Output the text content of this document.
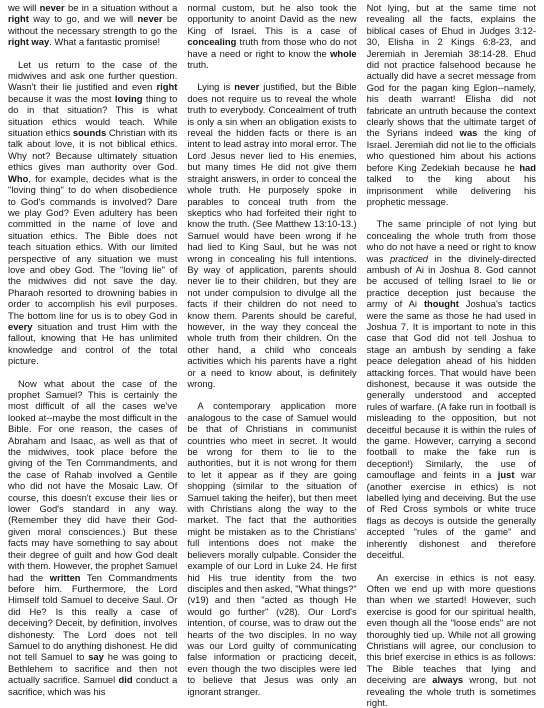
we will never be in a situation without a right way to go, and we will never be without the necessary strength to go the right way. What a fantastic promise!

Let us return to the case of the midwives and ask one further question. Wasn't their lie justified and even right because it was the most loving thing to do in that situation? This is what situation ethics would teach. While situation ethics sounds Christian with its talk about love, it is not biblical ethics. Why not? Because ultimately situation ethics gives man authority over God. Who, for example, decides what is the "loving thing" to do when disobedience to God's commands is involved? Dare we play God? Even adultery has been committed in the name of love and situation ethics. The Bible does not teach situation ethics. With our limited perspective of any situation we must love and obey God. The "loving lie" of the midwives did not save the day. Pharaoh resorted to drowning babies in order to accomplish his evil purposes. The bottom line for us is to obey God in every situation and trust Him with the fallout, knowing that He has unlimited knowledge and control of the total picture.

Now what about the case of the prophet Samuel? This is certainly the most difficult of all the cases we've looked at--maybe the most difficult in the Bible. For one reason, the cases of Abraham and Isaac, as well as that of the midwives, took place before the giving of the Ten Commandments, and the case of Rahab involved a Gentile who did not have the Mosaic Law. Of course, this doesn't excuse their lies or lower God's standard in any way. (Remember they did have their God-given moral consciences.) But these facts may have something to say about their degree of guilt and how God dealt with them. However, the prophet Samuel had the written Ten Commandments before him. Furthermore, the Lord Himself told Samuel to deceive Saul. Or did He? Is this really a case of deceiving? Deceit, by definition, involves dishonesty. The Lord does not tell Samuel to do anything dishonest. He did not tell Samuel to say he was going to Bethlehem to sacrifice and then not actually sacrifice. Samuel did conduct a sacrifice, which was his

normal custom, but he also took the opportunity to anoint David as the new King of Israel. This is a case of concealing truth from those who do not have a need or right to know the whole truth.

Lying is never justified, but the Bible does not require us to reveal the whole truth to everybody. Concealment of truth is only a sin when an obligation exists to reveal the hidden facts or there is an intent to lead astray into moral error. The Lord Jesus never lied to His enemies, but many times He did not give them straight answers, in order to conceal the whole truth. He purposely spoke in parables to conceal truth from the skeptics who had forfeited their right to know the truth. (See Matthew 13:10-13.) Samuel would have been wrong if he had lied to King Saul, but he was not wrong in concealing his full intentions. By way of application, parents should never lie to their children, but they are not under compulsion to divulge all the facts if their children do not need to know them. Parents should be careful, however, in the way they conceal the whole truth from their children. On the other hand, a child who conceals activities which his parents have a right or a need to know about, is definitely wrong.

A contemporary application more analogous to the case of Samuel would be that of Christians in communist countries who meet in secret. It would be wrong for them to lie to the authorities, but it is not wrong for them to let it appear as if they are going shopping (similar to the situation of Samuel taking the heifer), but then meet with Christians along the way to the market. The fact that the authorities might be mistaken as to the Christians' full intentions does not make the believers morally culpable. Consider the example of our Lord in Luke 24. He first hid His true identity from the two disciples and then asked, "What things?" (v19) and then "acted as though He would go further" (v28). Our Lord's intention, of course, was to draw out the hearts of the two disciples. In no way was our Lord guilty of communicating false information or practicing deceit, even though the two disciples were led to believe that Jesus was only an ignorant stranger.

Not lying, but at the same time not revealing all the facts, explains the biblical cases of Ehud in Judges 3:12-30, Elisha in 2 Kings 6:8-23, and Jeremiah in Jeremiah 38:14-28. Ehud did not practice falsehood because he actually did have a secret message from God for the pagan king Eglon--namely, his death warrant! Elisha did not fabricate an untruth because the context clearly shows that the ultimate target of the Syrians indeed was the king of Israel. Jeremiah did not lie to the officials who questioned him about his actions before King Zedekiah because he had talked to the king about his imprisonment while delivering his prophetic message.

The same principle of not lying but concealing the whole truth from those who do not have a need or right to know was practiced in the divinely-directed ambush of Ai in Joshua 8. God cannot be accused of telling Israel to lie or practice deception just because the army of Ai thought Joshua's tactics were the same as those he had used in Joshua 7. It is important to note in this case that God did not tell Joshua to stage an ambush by sending a fake peace delegation ahead of his hidden attacking forces. That would have been dishonest, because it was outside the generally understood and accepted rules of warfare. (A fake run in football is misleading to the opposition, but not deceitful because it is within the rules of the game. However, carrying a second football to make the fake run is deception!) Similarly, the use of camouflage and feints in a just war (another exercise in ethics) is not labelled lying and deceiving. But the use of Red Cross symbols or white truce flags as decoys is outside the generally accepted "rules of the game" and inherently dishonest and therefore deceitful.

An exercise in ethics is not easy. Often we end up with more questions than when we started! However, such exercise is good for our spiritual health, even though all the "loose ends" are not thoroughly tied up. While not all growing Christians will agree, our conclusion to this brief exercise in ethics is as follows: The Bible teaches that lying and deceiving are always wrong, but not revealing the whole truth is sometimes right.
